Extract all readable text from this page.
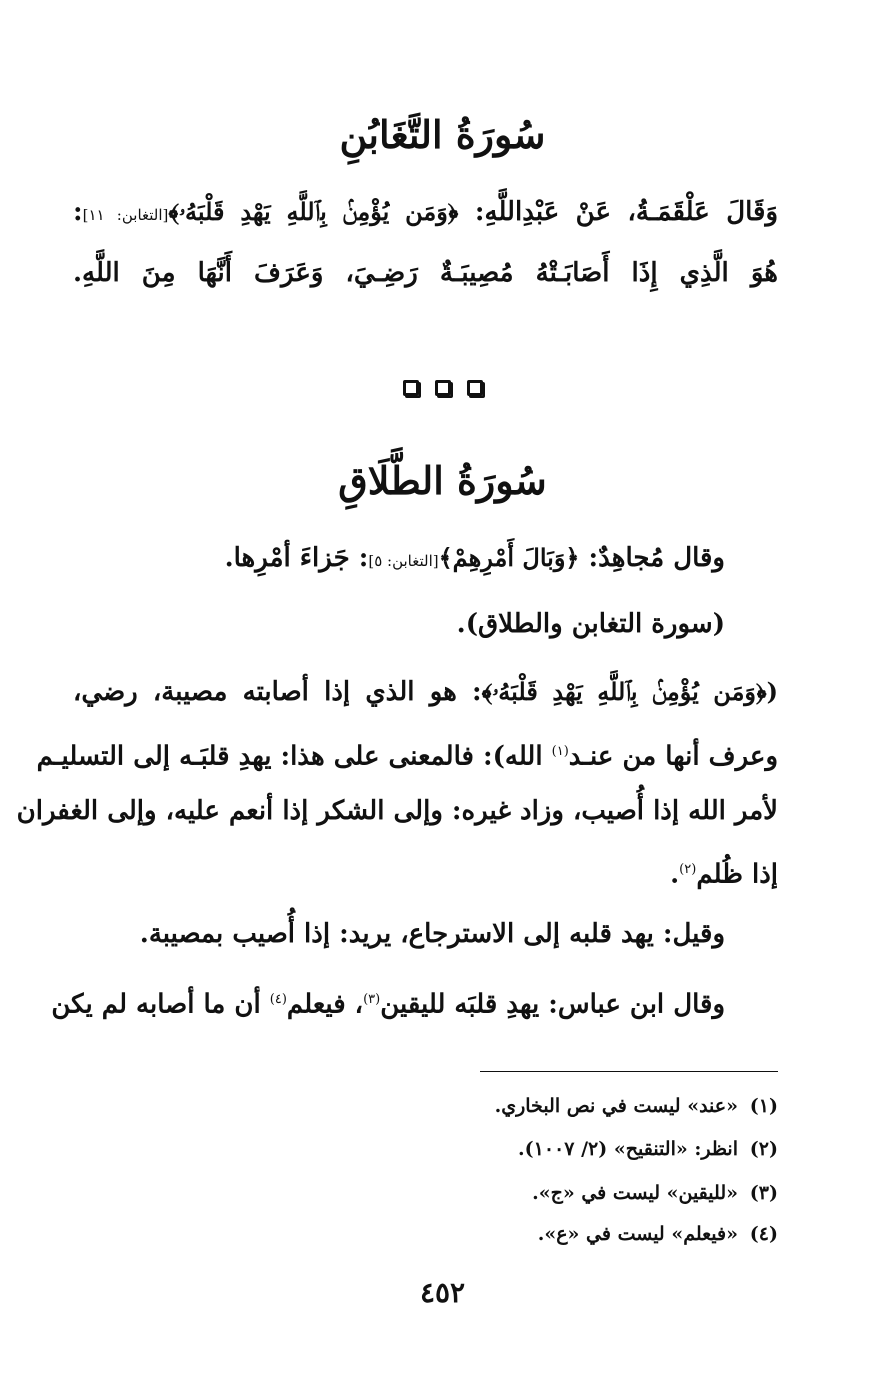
سُورَةُ التَّغَابُنِ
وَقَالَ عَلْقَمَـةُ، عَنْ عَبْدِاللَّهِ: ﴿وَمَن يُؤْمِنۢ بِٱللَّهِ يَهْدِ قَلْبَهُۥ﴾[التغابن: ١١]:
هُوَ الَّذِي إِذَا أَصَابَـتْهُ مُصِيبَـةٌ رَضِـيَ، وَعَرَفَ أَنَّهَا مِنَ اللَّهِ.
سُورَةُ الطَّلَاقِ
وقال مُجاهِدٌ: ﴿وَبَالَ أَمْرِهِمْ﴾[التغابن: ٥]: جَزاءَ أمْرِها.
(سورة التغابن والطلاق).
(﴿وَمَن يُؤْمِنۢ بِٱللَّهِ يَهْدِ قَلْبَهُۥ﴾: هو الذي إذا أصابته مصيبة، رضي،
وعرف أنها من عنـد$^{(١)}$ الله): فالمعنى على هذا: يهدِ قلبَـه إلى التسليـم
لأمر الله إذا أُصيب، وزاد غيره: وإلى الشكر إذا أنعم عليه، وإلى الغفران
إذا ظُلم$^{(٢)}$.
وقيل: يهد قلبه إلى الاسترجاع، يريد: إذا أُصيب بمصيبة.
وقال ابن عباس: يهدِ قلبَه لليقين$^{(٣)}$، فيعلم$^{(٤)}$ أن ما أصابه لم يكن
(١)«عند» ليست في نص البخاري.
(٢)انظر: «التنقيح» (٢/ ١٠٠٧).
(٣)«لليقين» ليست في «ج».
(٤)«فيعلم» ليست في «ع».
٤٥٢
